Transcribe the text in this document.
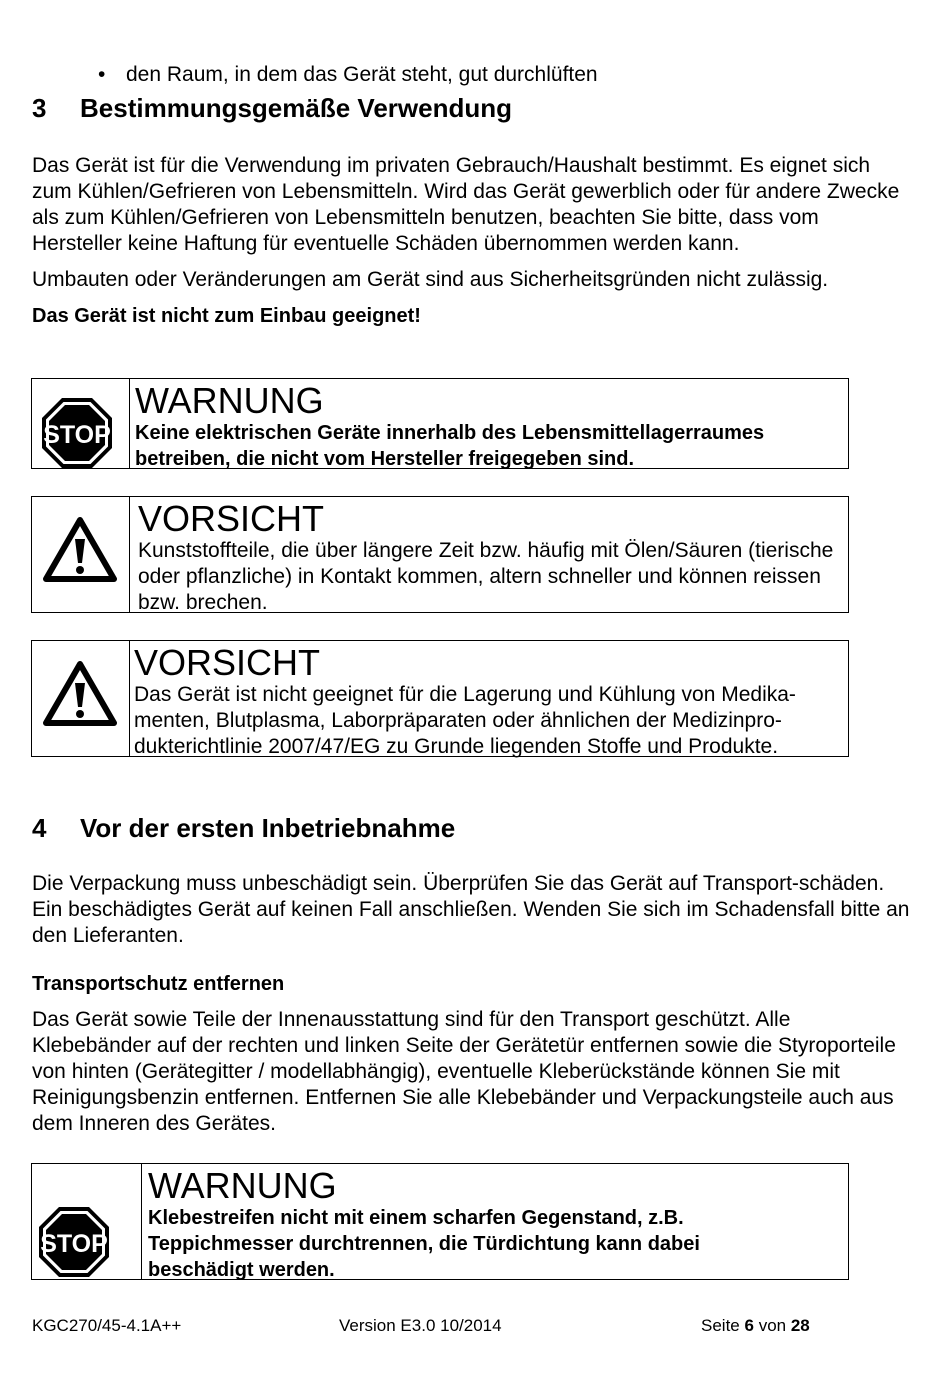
• den Raum, in dem das Gerät steht, gut durchlüften
3 Bestimmungsgemäße Verwendung

Das Gerät ist für die Verwendung im privaten Gebrauch/Haushalt bestimmt. Es eignet sich zum Kühlen/Gefrieren von Lebensmitteln. Wird das Gerät gewerblich oder für andere Zwecke als zum Kühlen/Gefrieren von Lebensmitteln benutzen, beachten Sie bitte, dass vom Hersteller keine Haftung für eventuelle Schäden übernommen werden kann.

Umbauten oder Veränderungen am Gerät sind aus Sicherheitsgründen nicht zulässig.

Das Gerät ist nicht zum Einbau geeignet!

STOP
WARNUNG
Keine elektrischen Geräte innerhalb des Lebensmittellagerraumes betreiben, die nicht vom Hersteller freigegeben sind.
VORSICHT
Kunststoffteile, die über längere Zeit bzw. häufig mit Ölen/Säuren (tierische oder pflanzliche) in Kontakt kommen, altern schneller und können reissen bzw. brechen.
VORSICHT
Das Gerät ist nicht geeignet für die Lagerung und Kühlung von Medika-
menten, Blutplasma, Laborpräparaten oder ähnlichen der Medizinpro-
dukterichtlinie 2007/47/EG zu Grunde liegenden Stoffe und Produkte.
4 Vor der ersten Inbetriebnahme

Die Verpackung muss unbeschädigt sein. Überprüfen Sie das Gerät auf Transport-schäden. Ein beschädigtes Gerät auf keinen Fall anschließen. Wenden Sie sich im Schadensfall bitte an den Lieferanten.

Transportschutz entfernen

Das Gerät sowie Teile der Innenausstattung sind für den Transport geschützt. Alle Klebebänder auf der rechten und linken Seite der Gerätetür entfernen sowie die Styroporteile von hinten (Gerätegitter / modellabhängig), eventuelle Kleberückstände können Sie mit Reinigungsbenzin entfernen. Entfernen Sie alle Klebebänder und Verpackungsteile auch aus dem Inneren des Gerätes.

STOP
WARNUNG
Klebestreifen nicht mit einem scharfen Gegenstand, z.B. Teppichmesser durchtrennen, die Türdichtung kann dabei beschädigt werden.
KGC270/45-4.1A++	Version E3.0 10/2014	Seite 6 von 28
